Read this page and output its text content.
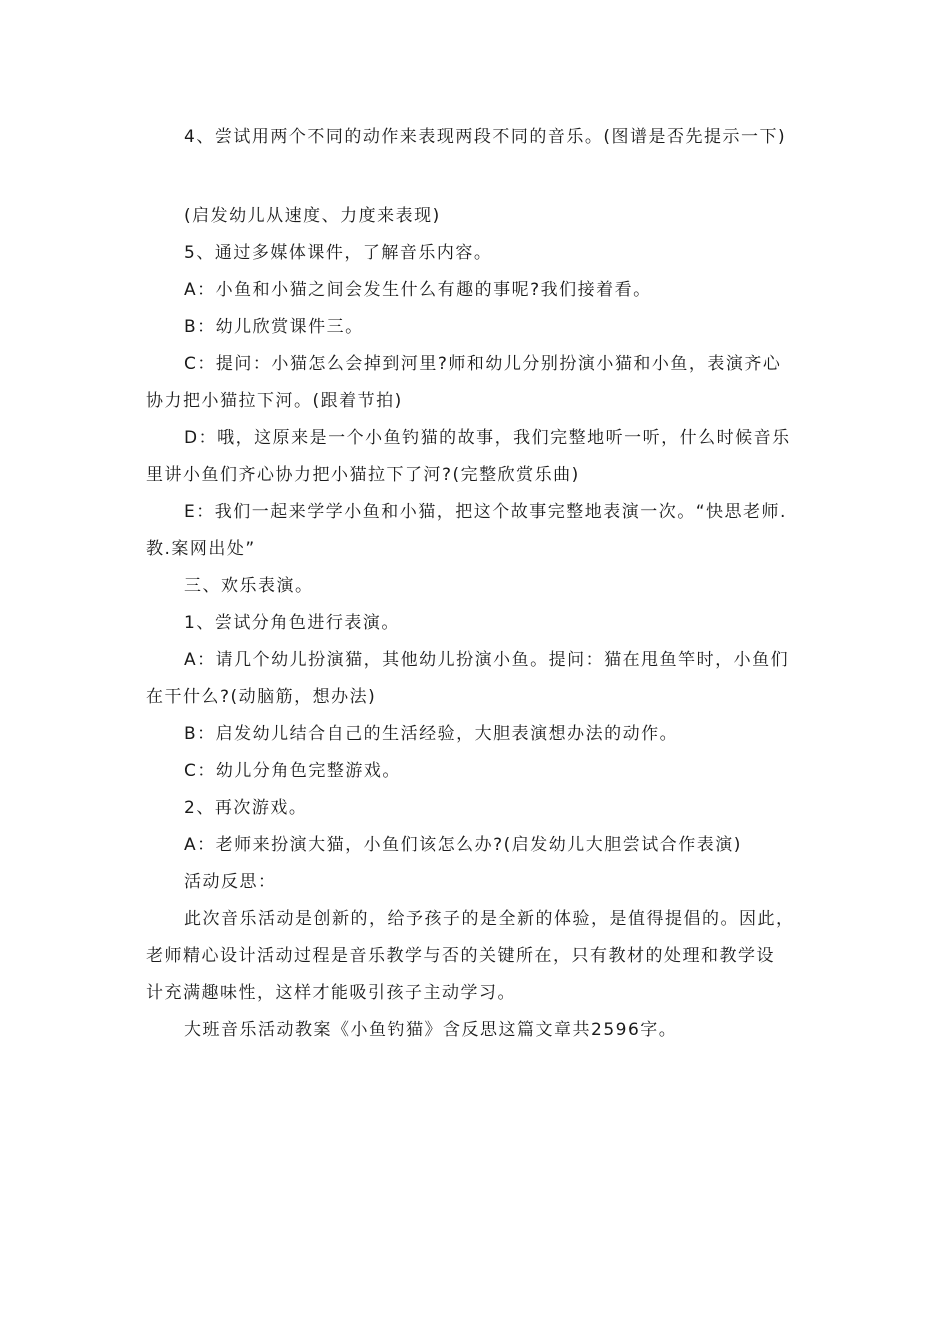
4、尝试用两个不同的动作来表现两段不同的音乐。(图谱是否先提示一下)

(启发幼儿从速度、力度来表现)

5、通过多媒体课件，了解音乐内容。

A：小鱼和小猫之间会发生什么有趣的事呢?我们接着看。

B：幼儿欣赏课件三。

C：提问：小猫怎么会掉到河里?师和幼儿分别扮演小猫和小鱼，表演齐心

协力把小猫拉下河。(跟着节拍)

D：哦，这原来是一个小鱼钓猫的故事，我们完整地听一听，什么时候音乐

里讲小鱼们齐心协力把小猫拉下了河?(完整欣赏乐曲)

E：我们一起来学学小鱼和小猫，把这个故事完整地表演一次。“快思老师.

教.案网出处”

三、欢乐表演。

1、尝试分角色进行表演。

A：请几个幼儿扮演猫，其他幼儿扮演小鱼。提问：猫在甩鱼竿时，小鱼们

在干什么?(动脑筋，想办法)

B：启发幼儿结合自己的生活经验，大胆表演想办法的动作。

C：幼儿分角色完整游戏。

2、再次游戏。

A：老师来扮演大猫，小鱼们该怎么办?(启发幼儿大胆尝试合作表演)

活动反思：

此次音乐活动是创新的，给予孩子的是全新的体验，是值得提倡的。因此，

老师精心设计活动过程是音乐教学与否的关键所在，只有教材的处理和教学设

计充满趣味性，这样才能吸引孩子主动学习。

大班音乐活动教案《小鱼钓猫》含反思这篇文章共2596字。
